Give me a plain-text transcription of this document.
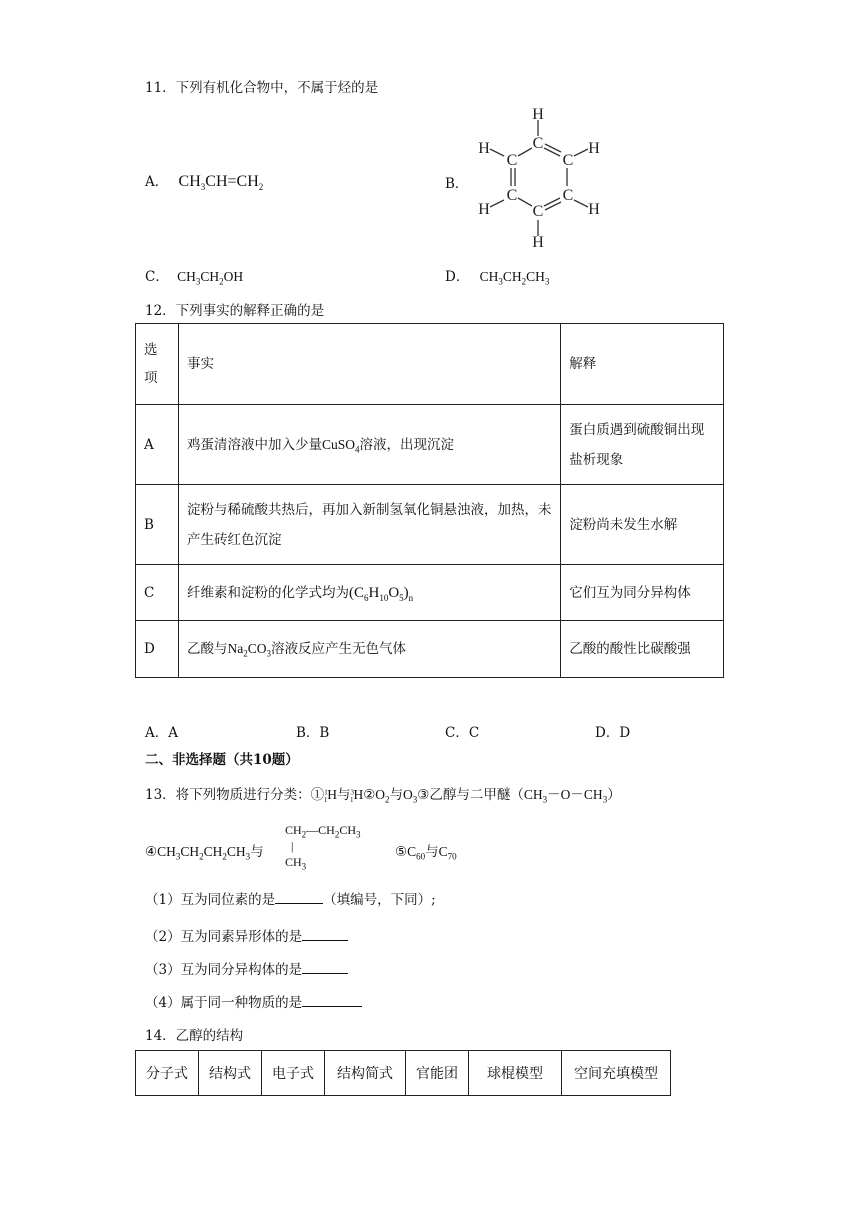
11．下列有机化合物中，不属于烃的是
A． $CH_3CH=CH_2$	B．
H
C
H
C	C
H
H
C	C
H
C
H
C． $CH_3CH_2OH$	D． $CH_3CH_2CH_3$
12．下列事实的解释正确的是
选
项	事实	解释
A	鸡蛋清溶液中加入少量CuSO$_4$溶液，出现沉淀	蛋白质遇到硫酸铜出现盐析现象
B	淀粉与稀硫酸共热后，再加入新制氢氧化铜悬浊液，加热，未产生砖红色沉淀	淀粉尚未发生水解
C	纤维素和淀粉的化学式均为$(C_6H_{10}O_5)_n$	它们互为同分异构体
D	乙酸与$Na_2CO_3$溶液反应产生无色气体	乙酸的酸性比碳酸强
A．A	B．B	C．C	D．D
二、非选择题（共10题）
13．将下列物质进行分类：①$^1_1$H与$^3_1H②O_2$与$O_3③$乙醇与二甲醚$(CH_3-O-CH_3)$
$④CH_3CH_2CH_2CH_3$与
$CH_2—CH_2CH_3$
|
$CH_3$
$⑤C_{60}$与$C_{70}$
（1）互为同位素的是	（填编号，下同）;
（2）互为同素异形体的是
（3）互为同分异构体的是
（4）属于同一种物质的是
14．乙醇的结构
分子式	结构式	电子式	结构简式	官能团	球棍模型	空间充填模型
